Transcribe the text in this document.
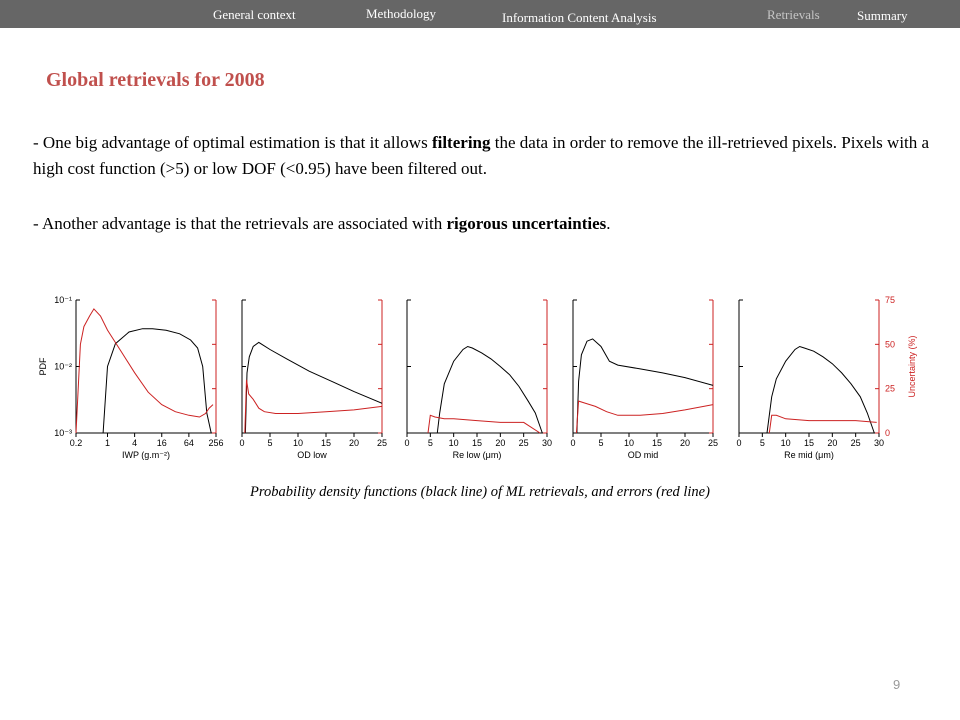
General context	Methodology	Information Content Analysis	Retrievals	Summary
Global retrievals for 2008
- One big advantage of optimal estimation is that it allows filtering the data in order to remove the ill-retrieved pixels. Pixels with a high cost function (>5) or low DOF (<0.95) have been filtered out.
- Another advantage is that the retrievals are associated with rigorous uncertainties.
0.2	1 4 16 64 256
IWP (g.m⁻²)
0	5 10 15 20 25
OD low
0 5 10 15 20 25 30
Re low (μm)
0	5 10 15 20 25
OD mid
0 5 10 15 20 25 30
Re mid (μm)
10⁻¹
10⁻²
10⁻³
PDF
75
50
25
0
Uncertainty (%)
Probability density functions (black line) of ML retrievals, and errors (red line)
9
